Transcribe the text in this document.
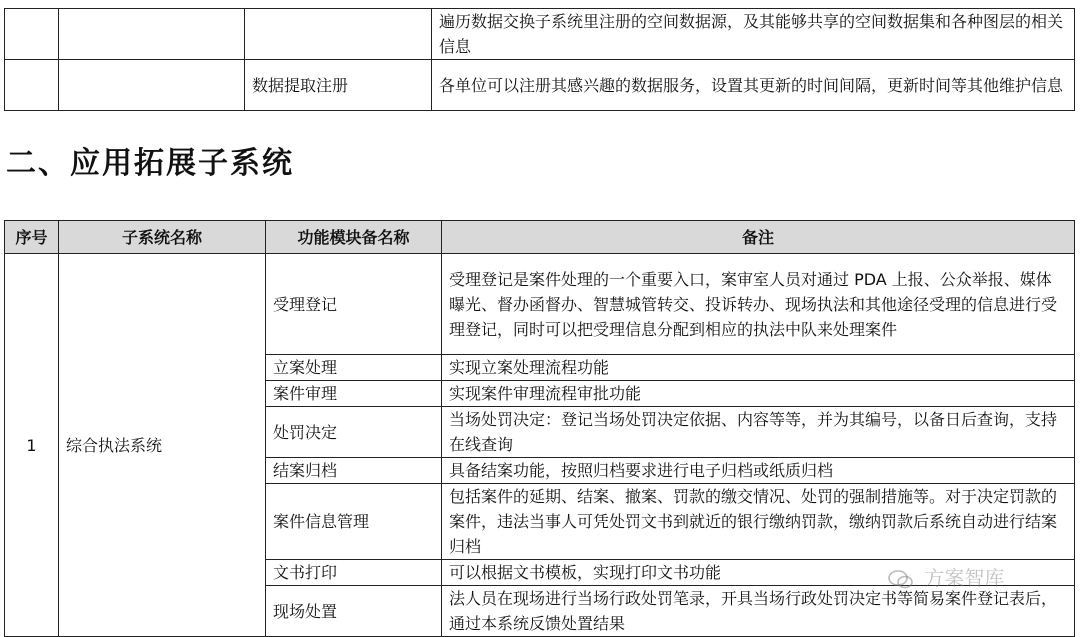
			遍历数据交换子系统里注册的空间数据源，及其能够共享的空间数据集和各种图层的相关信息
		数据提取注册	各单位可以注册其感兴趣的数据服务，设置其更新的时间间隔，更新时间等其他维护信息
二、应用拓展子系统
序号	子系统名称	功能模块备名称	备注
1	综合执法系统	受理登记	受理登记是案件处理的一个重要入口，案审室人员对通过 PDA 上报、公众举报、媒体曝光、督办函督办、智慧城管转交、投诉转办、现场执法和其他途径受理的信息进行受理登记，同时可以把受理信息分配到相应的执法中队来处理案件
		立案处理	实现立案处理流程功能
		案件审理	实现案件审理流程审批功能
		处罚决定	当场处罚决定：登记当场处罚决定依据、内容等等，并为其编号，以备日后查询，支持在线查询
		结案归档	具备结案功能，按照归档要求进行电子归档或纸质归档
		案件信息管理	包括案件的延期、结案、撤案、罚款的缴交情况、处罚的强制措施等。对于决定罚款的案件，违法当事人可凭处罚文书到就近的银行缴纳罚款，缴纳罚款后系统自动进行结案归档
		文书打印	可以根据文书模板，实现打印文书功能
		现场处置	法人员在现场进行当场行政处罚笔录，开具当场行政处罚决定书等简易案件登记表后，通过本系统反馈处置结果
方案智库
